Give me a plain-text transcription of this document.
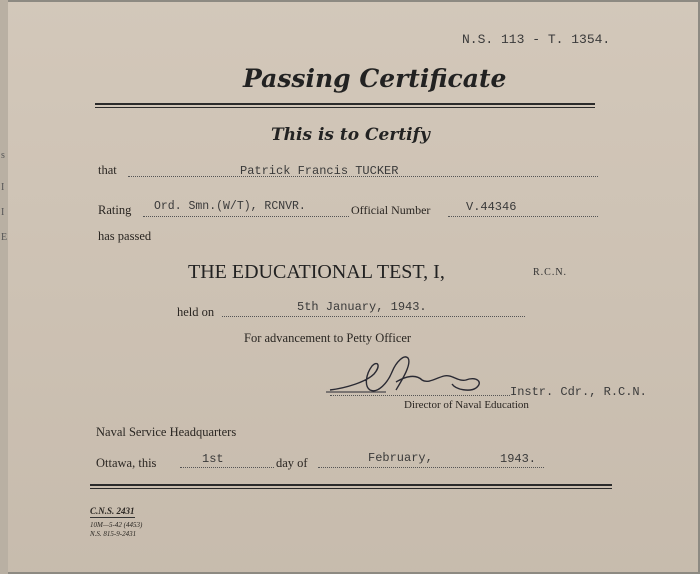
s
I
I
E
N.S. 113 - T. 1354.
Passing Certificate
This is to Certify
that	Patrick Francis TUCKER
Rating Ord. Smn.(W/T), RCNVR.	Official Number	V.44346
has passed
THE EDUCATIONAL TEST, I,	R.C.N.
held on	5th January, 1943.
For advancement to Petty Officer
Instr. Cdr., R.C.N.
Director of Naval Education
Naval Service Headquarters
Ottawa, this	1st	day of	February,	1943.
C.N.S. 2431
10M—5-42 (4453)
N.S. 815-9-2431
